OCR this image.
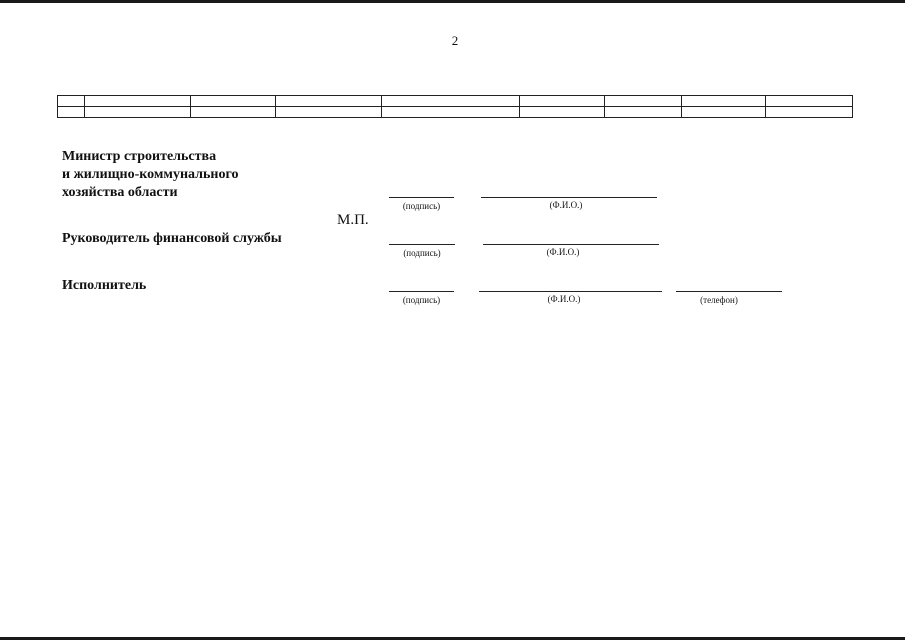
2

Министр строительства
и жилищно-коммунального
хозяйства области
(подпись)	(Ф.И.О.)
М.П.
Руководитель финансовой службы
(подпись)	(Ф.И.О.)
Исполнитель
(подпись)	(Ф.И.О.)	(телефон)
